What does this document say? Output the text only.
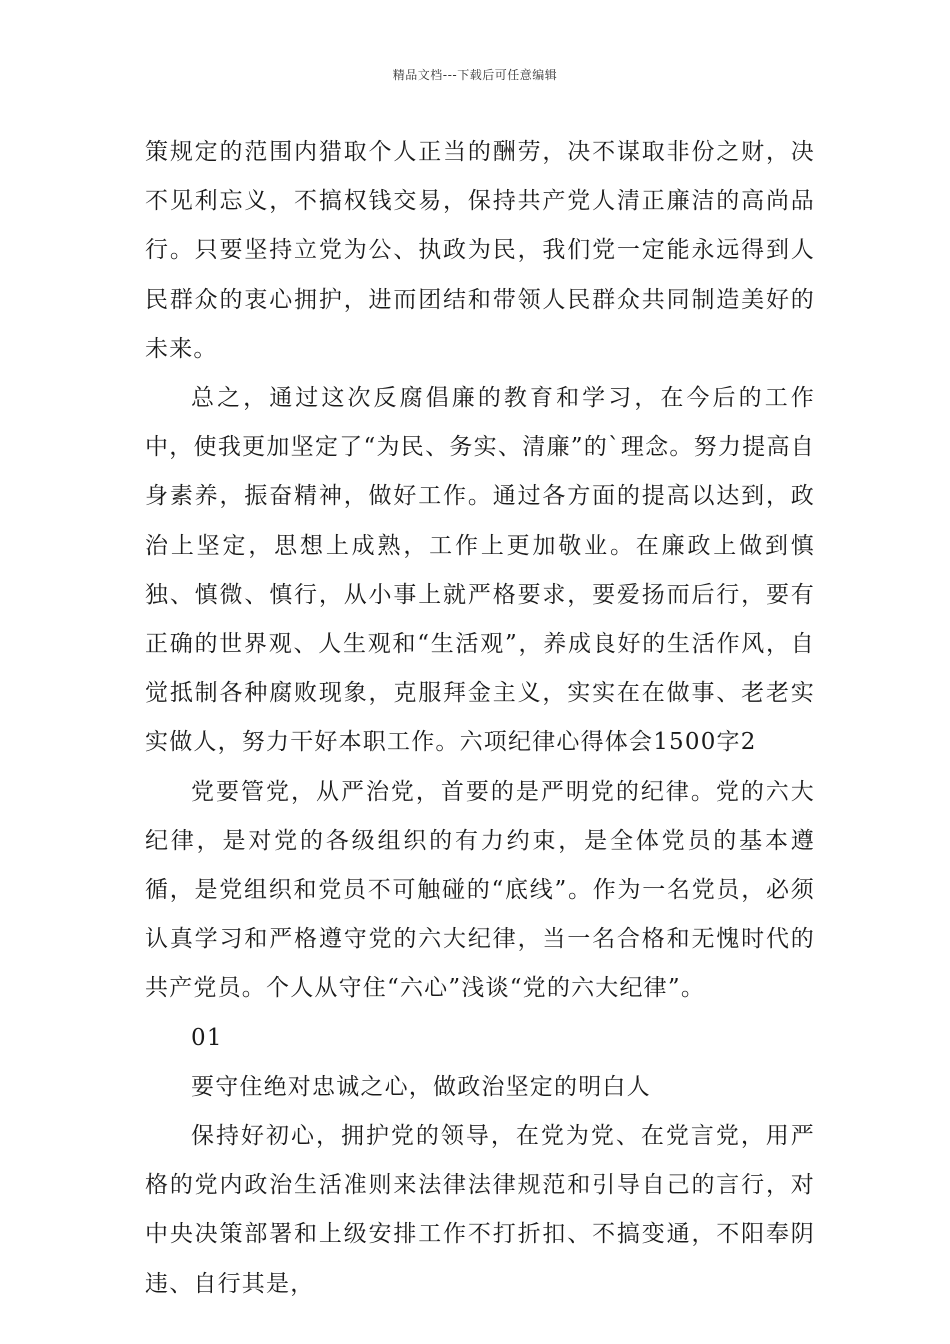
精品文档---下载后可任意编辑

策规定的范围内猎取个人正当的酬劳，决不谋取非份之财，决不见利忘义，不搞权钱交易，保持共产党人清正廉洁的高尚品行。只要坚持立党为公、执政为民，我们党一定能永远得到人民群众的衷心拥护，进而团结和带领人民群众共同制造美好的未来。

总之，通过这次反腐倡廉的教育和学习，在今后的工作中，使我更加坚定了“为民、务实、清廉”的`理念。努力提高自身素养，振奋精神，做好工作。通过各方面的提高以达到，政治上坚定，思想上成熟，工作上更加敬业。在廉政上做到慎独、慎微、慎行，从小事上就严格要求，要爱扬而后行，要有正确的世界观、人生观和“生活观”，养成良好的生活作风，自觉抵制各种腐败现象，克服拜金主义，实实在在做事、老老实实做人，努力干好本职工作。六项纪律心得体会1500字2

党要管党，从严治党，首要的是严明党的纪律。党的六大纪律，是对党的各级组织的有力约束，是全体党员的基本遵循，是党组织和党员不可触碰的“底线”。作为一名党员，必须认真学习和严格遵守党的六大纪律，当一名合格和无愧时代的共产党员。个人从守住“六心”浅谈“党的六大纪律”。

01

要守住绝对忠诚之心，做政治坚定的明白人

保持好初心，拥护党的领导，在党为党、在党言党，用严格的党内政治生活准则来法律法律规范和引导自己的言行，对中央决策部署和上级安排工作不打折扣、不搞变通，不阳奉阴违、自行其是，
